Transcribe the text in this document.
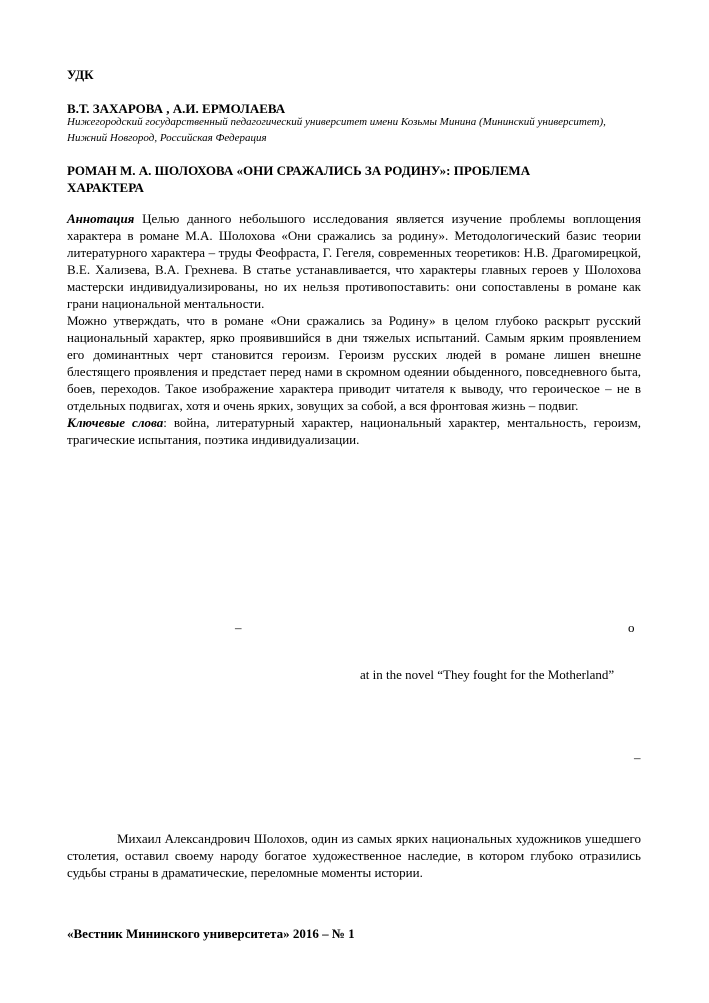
УДК
В.Т. ЗАХАРОВА , А.И. ЕРМОЛАЕВА
Нижегородский государственный педагогический университет имени Козьмы Минина (Мининский университет), Нижний Новгород, Российская Федерация
РОМАН М. А. ШОЛОХОВА «ОНИ СРАЖАЛИСЬ ЗА РОДИНУ»: ПРОБЛЕМА ХАРАКТЕРА

Аннотация Целью данного небольшого исследования является изучение проблемы воплощения характера в романе М.А. Шолохова «Они сражались за родину». Методологический базис теории литературного характера – труды Феофраста, Г. Гегеля, современных теоретиков: Н.В. Драгомирецкой, В.Е. Хализева, В.А. Грехнева. В статье устанавливается, что характеры главных героев у Шолохова мастерски индивидуализированы, но их нельзя противопоставить: они сопоставлены в романе как грани национальной ментальности.

Можно утверждать, что в романе «Они сражались за Родину» в целом глубоко раскрыт русский национальный характер, ярко проявившийся в дни тяжелых испытаний. Самым ярким проявлением его доминантных черт становится героизм. Героизм русских людей в романе лишен внешне блестящего проявления и предстает перед нами в скромном одеянии обыденного, повседневного быта, боев, переходов. Такое изображение характера приводит читателя к выводу, что героическое – не в отдельных подвигах, хотя и очень ярких, зовущих за собой, а вся фронтовая жизнь – подвиг.

Ключевые слова: война, литературный характер, национальный характер, ментальность, героизм, трагические испытания, поэтика индивидуализации.

–	o
at in the novel “They fought for the Motherland”
–

Михаил Александрович Шолохов, один из самых ярких национальных художников ушедшего столетия, оставил своему народу богатое художественное наследие, в котором глубоко отразились судьбы страны в драматические, переломные моменты истории.

«Вестник Мининского университета» 2016 – № 1
